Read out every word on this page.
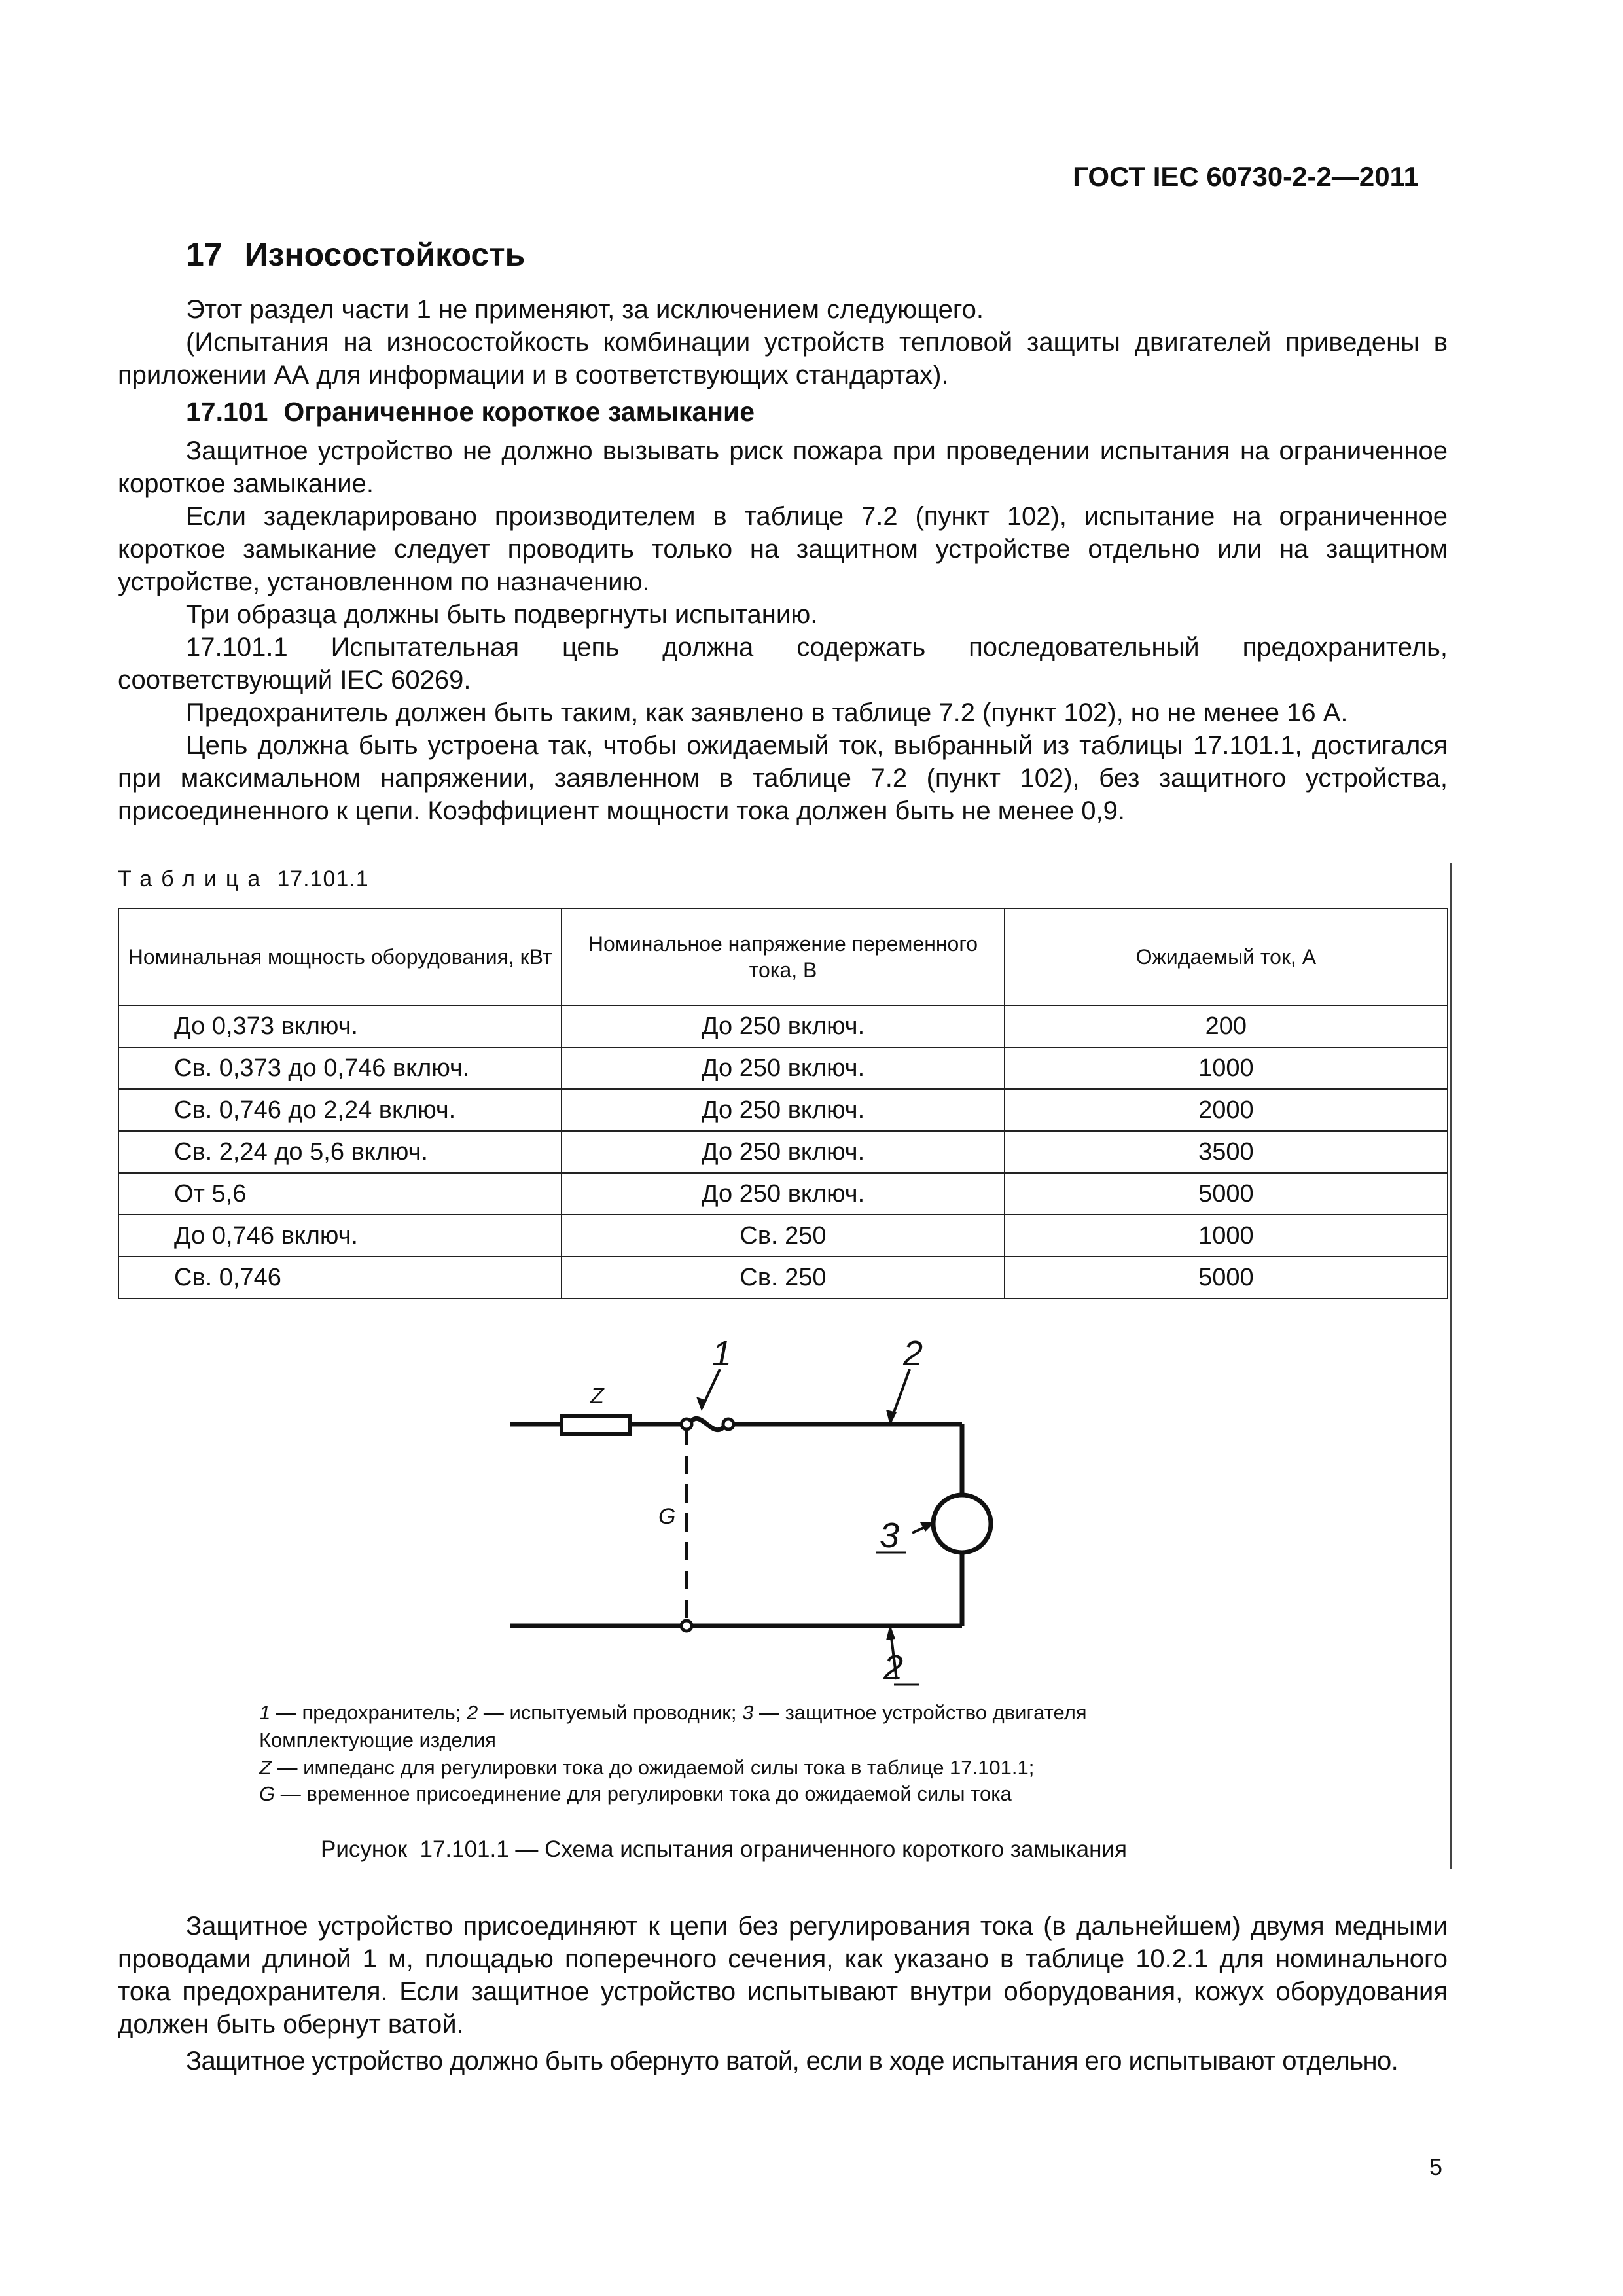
ГОСТ IEC 60730-2-2—2011
17 Износостойкость
Этот раздел части 1 не применяют, за исключением следующего.
(Испытания на износостойкость комбинации устройств тепловой защиты двигателей приведены в приложении АА для информации и в соответствующих стандартах).
17.101 Ограниченное короткое замыкание
Защитное устройство не должно вызывать риск пожара при проведении испытания на ограниченное короткое замыкание.
Если задекларировано производителем в таблице 7.2 (пункт 102), испытание на ограниченное короткое замыкание следует проводить только на защитном устройстве отдельно или на защитном устройстве, установленном по назначению.
Три образца должны быть подвергнуты испытанию.
17.101.1 Испытательная цепь должна содержать последовательный предохранитель, соответствующий IEC 60269.
Предохранитель должен быть таким, как заявлено в таблице 7.2 (пункт 102), но не менее 16 А.
Цепь должна быть устроена так, чтобы ожидаемый ток, выбранный из таблицы 17.101.1, достигался при максимальном напряжении, заявленном в таблице 7.2 (пункт 102), без защитного устройства, присоединенного к цепи. Коэффициент мощности тока должен быть не менее 0,9.
Таблица 17.101.1
Номинальная мощность оборудования, кВт	Номинальное напряжение переменного тока, В	Ожидаемый ток, А
До 0,373 включ.	До 250 включ.	200
Св. 0,373 до 0,746 включ.	До 250 включ.	1000
Св. 0,746 до 2,24 включ.	До 250 включ.	2000
Св. 2,24 до 5,6 включ.	До 250 включ.	3500
От 5,6	До 250 включ.	5000
До 0,746 включ.	Св. 250	1000
Св. 0,746	Св. 250	5000
Z
G
1	2
3
2
1 — предохранитель; 2 — испытуемый проводник; 3 — защитное устройство двигателя
Комплектующие изделия
Z — импеданс для регулировки тока до ожидаемой силы тока в таблице 17.101.1;
G — временное присоединение для регулировки тока до ожидаемой силы тока
Рисунок  17.101.1 — Схема испытания ограниченного короткого замыкания
Защитное устройство присоединяют к цепи без регулирования тока (в дальнейшем) двумя медными проводами длиной 1 м, площадью поперечного сечения, как указано в таблице 10.2.1 для номинального тока предохранителя. Если защитное устройство испытывают внутри оборудования, кожух оборудования должен быть обернут ватой.
Защитное устройство должно быть обернуто ватой, если в ходе испытания его испытывают отдельно.
5
